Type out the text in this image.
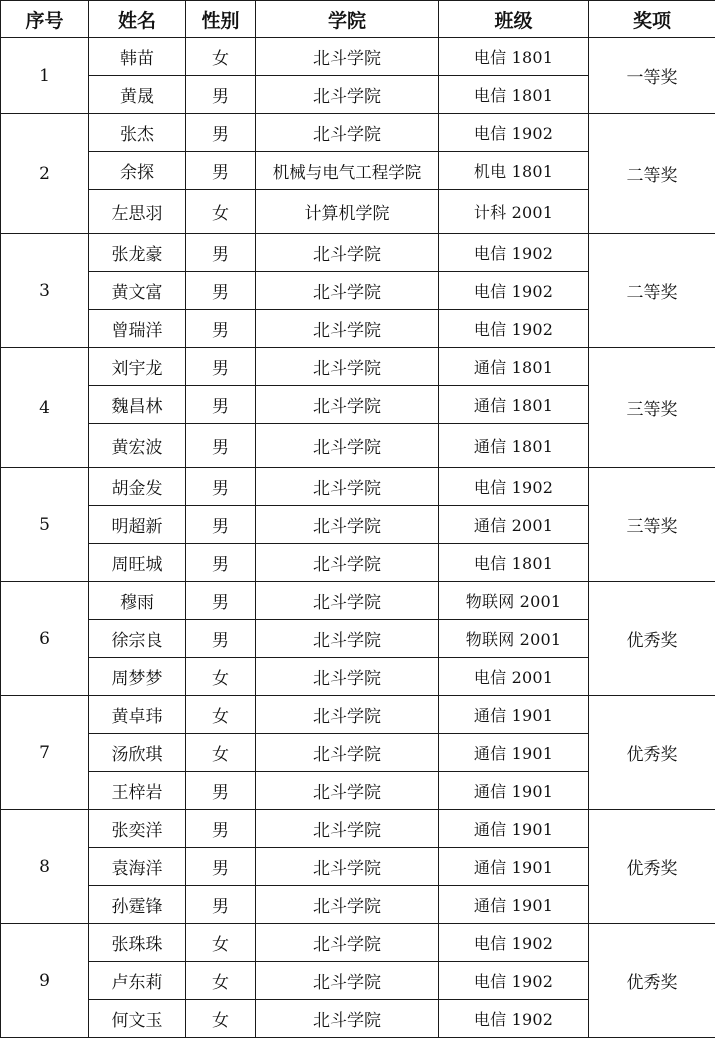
序号	姓名	性别	学院	班级	奖项
1	韩苗	女	北斗学院	电信 1801	一等奖
	黄晟	男	北斗学院	电信 1801	
2	张杰	男	北斗学院	电信 1902	二等奖
	余探	男	机械与电气工程学院	机电 1801	
	左思羽	女	计算机学院	计科 2001	
3	张龙豪	男	北斗学院	电信 1902	二等奖
	黄文富	男	北斗学院	电信 1902	
	曾瑞洋	男	北斗学院	电信 1902	
4	刘宇龙	男	北斗学院	通信 1801	三等奖
	魏昌林	男	北斗学院	通信 1801	
	黄宏波	男	北斗学院	通信 1801	
5	胡金发	男	北斗学院	电信 1902	三等奖
	明超新	男	北斗学院	通信 2001	
	周旺城	男	北斗学院	电信 1801	
6	穆雨	男	北斗学院	物联网 2001	优秀奖
	徐宗良	男	北斗学院	物联网 2001	
	周梦梦	女	北斗学院	电信 2001	
7	黄卓玮	女	北斗学院	通信 1901	优秀奖
	汤欣琪	女	北斗学院	通信 1901	
	王梓岩	男	北斗学院	通信 1901	
8	张奕洋	男	北斗学院	通信 1901	优秀奖
	袁海洋	男	北斗学院	通信 1901	
	孙霆锋	男	北斗学院	通信 1901	
9	张珠珠	女	北斗学院	电信 1902	优秀奖
	卢东莉	女	北斗学院	电信 1902	
	何文玉	女	北斗学院	电信 1902	
